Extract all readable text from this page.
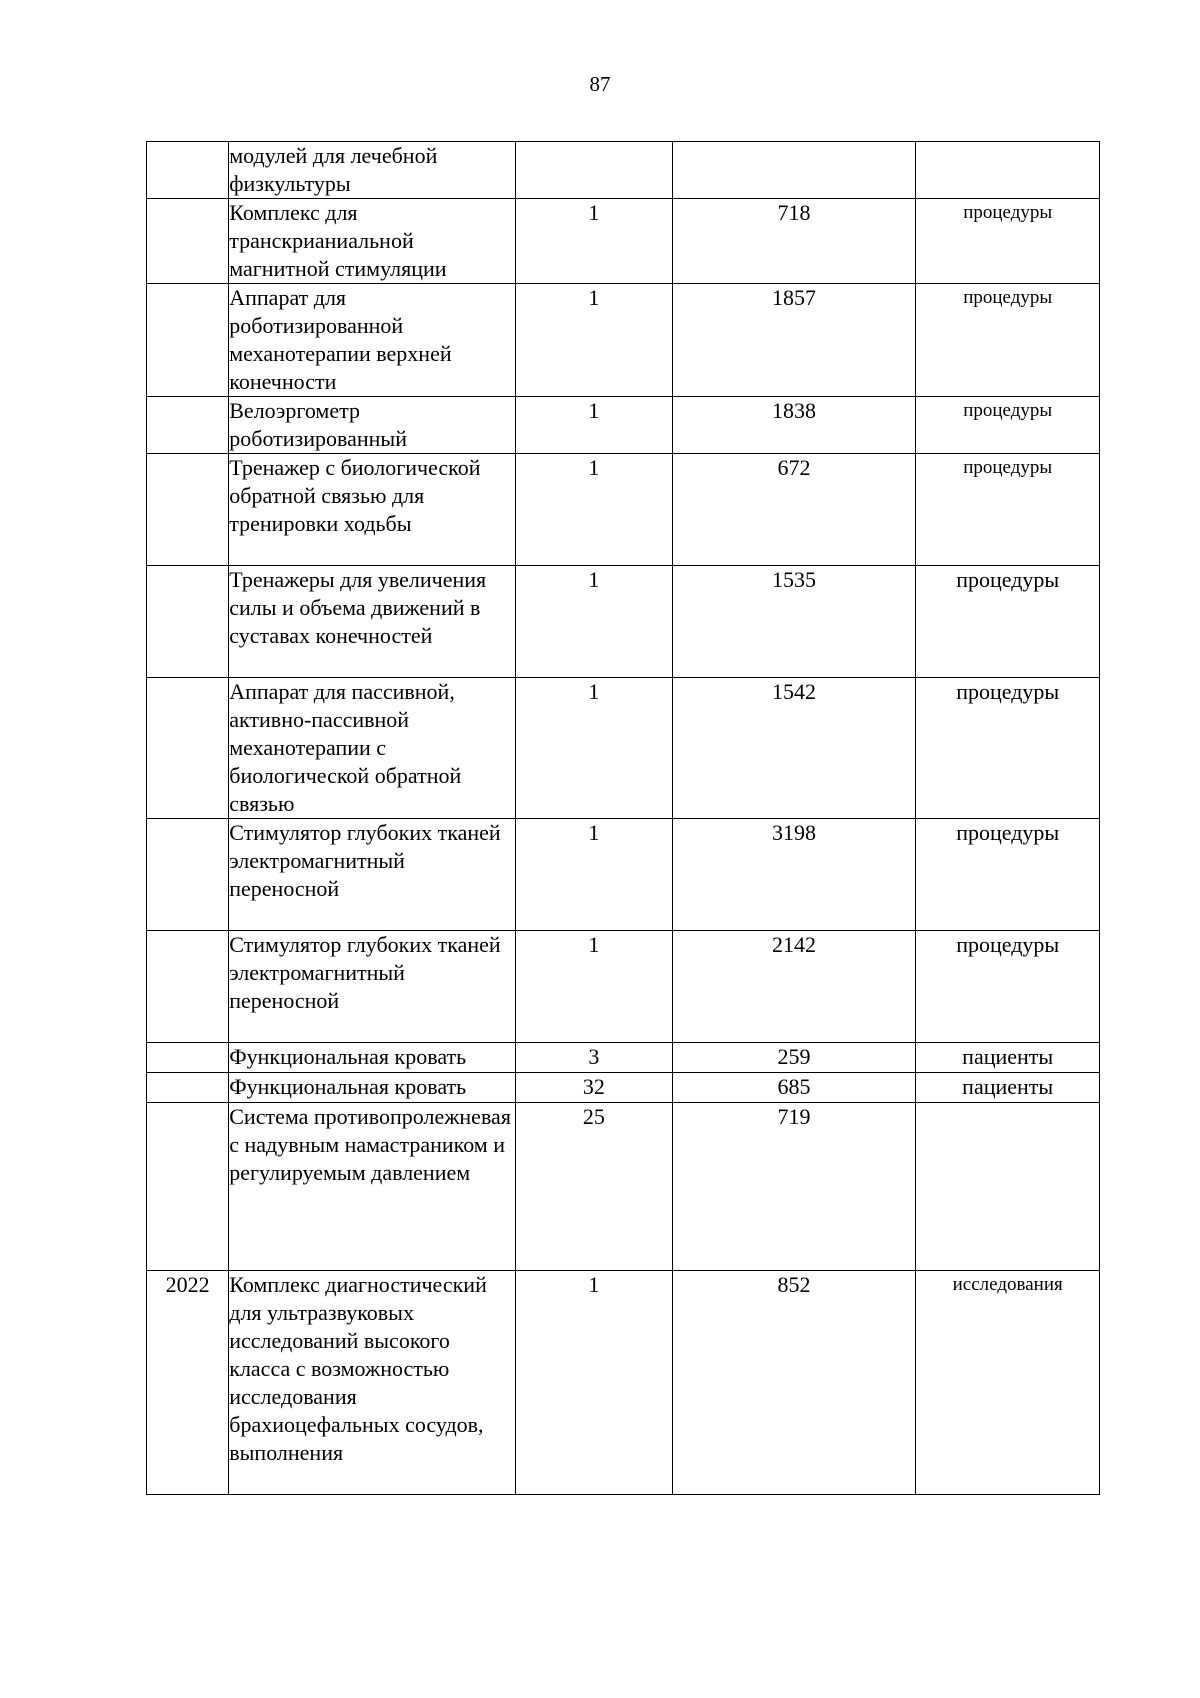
87
	модулей для лечебной физкультуры			
	Комплекс для транскрианиальной магнитной стимуляции	1	718	процедуры
	Аппарат для роботизированной механотерапии верхней конечности	1	1857	процедуры
	Велоэргометр роботизированный	1	1838	процедуры
	Тренажер с биологической обратной связью для тренировки ходьбы	1	672	процедуры
	Тренажеры для увеличения силы и объема движений в суставах конечностей	1	1535	процедуры
	Аппарат для пассивной, активно-пассивной механотерапии с биологической обратной связью	1	1542	процедуры
	Стимулятор глубоких тканей электромагнитный переносной	1	3198	процедуры
	Стимулятор глубоких тканей электромагнитный переносной	1	2142	процедуры
	Функциональная кровать	3	259	пациенты
	Функциональная кровать	32	685	пациенты
	Система противопролежневая с надувным намастраником и регулируемым давлением	25	719	
2022	Комплекс диагностический для ультразвуковых исследований высокого класса с возможностью исследования брахиоцефальных сосудов, выполнения	1	852	исследования
